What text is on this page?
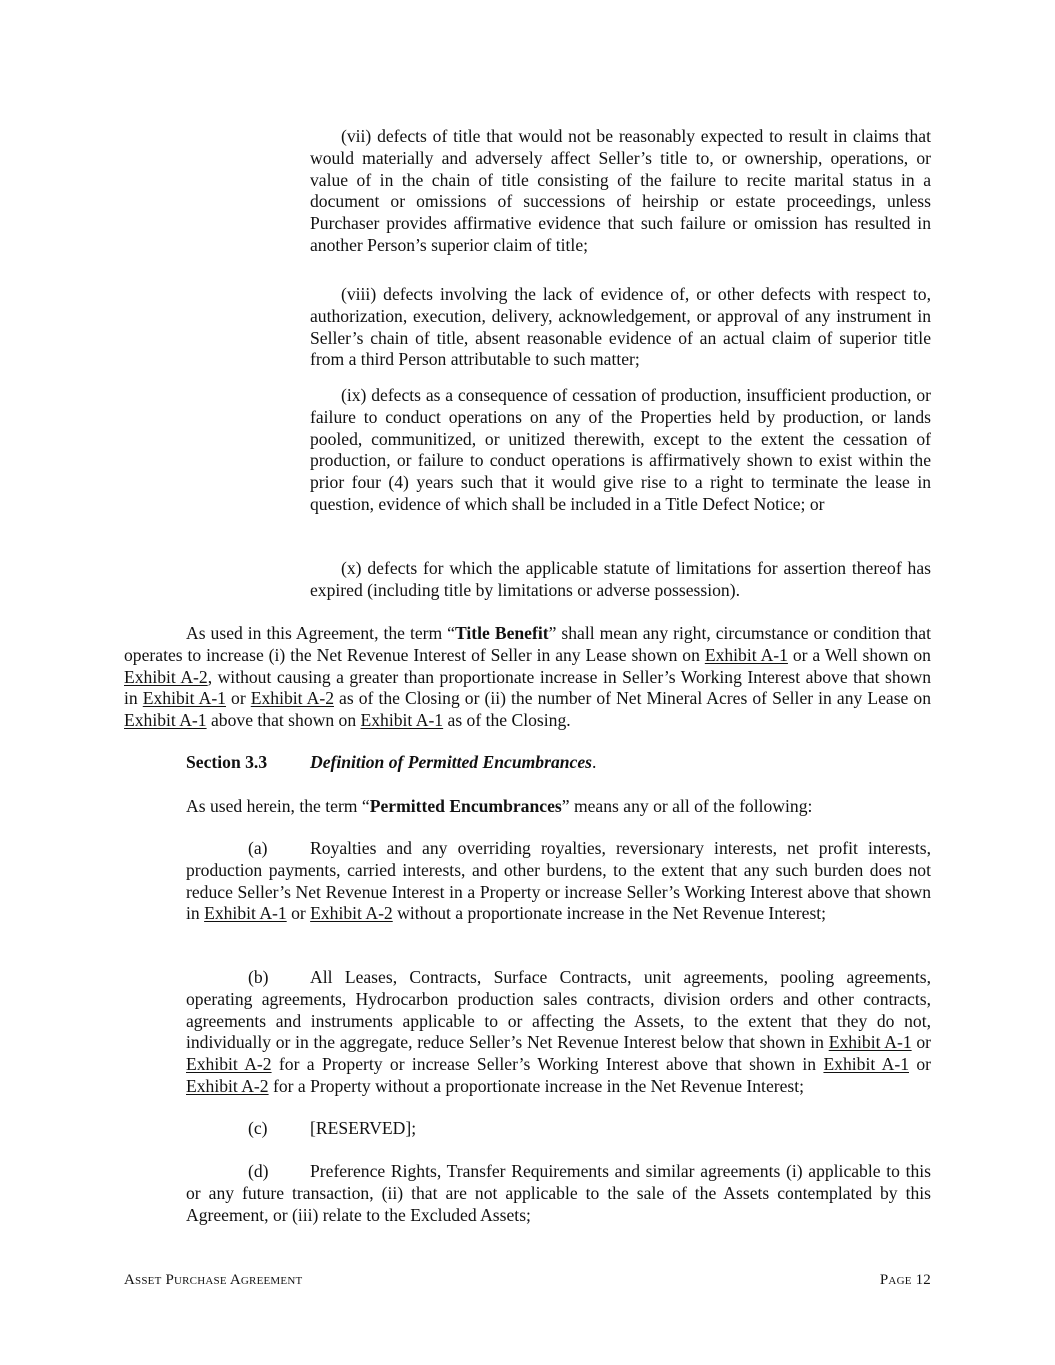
(vii) defects of title that would not be reasonably expected to result in claims that would materially and adversely affect Seller’s title to, or ownership, operations, or value of in the chain of title consisting of the failure to recite marital status in a document or omissions of successions of heirship or estate proceedings, unless Purchaser provides affirmative evidence that such failure or omission has resulted in another Person’s superior claim of title;

(viii) defects involving the lack of evidence of, or other defects with respect to, authorization, execution, delivery, acknowledgement, or approval of any instrument in Seller’s chain of title, absent reasonable evidence of an actual claim of superior title from a third Person attributable to such matter;

(ix) defects as a consequence of cessation of production, insufficient production, or failure to conduct operations on any of the Properties held by production, or lands pooled, communitized, or unitized therewith, except to the extent the cessation of production, or failure to conduct operations is affirmatively shown to exist within the prior four (4) years such that it would give rise to a right to terminate the lease in question, evidence of which shall be included in a Title Defect Notice; or

(x) defects for which the applicable statute of limitations for assertion thereof has expired (including title by limitations or adverse possession).

As used in this Agreement, the term “Title Benefit” shall mean any right, circumstance or condition that operates to increase (i) the Net Revenue Interest of Seller in any Lease shown on Exhibit A-1 or a Well shown on Exhibit A-2, without causing a greater than proportionate increase in Seller’s Working Interest above that shown in Exhibit A-1 or Exhibit A-2 as of the Closing or (ii) the number of Net Mineral Acres of Seller in any Lease on Exhibit A-1 above that shown on Exhibit A-1 as of the Closing.

Section 3.3 Definition of Permitted Encumbrances.

As used herein, the term “Permitted Encumbrances” means any or all of the following:

(a) Royalties and any overriding royalties, reversionary interests, net profit interests, production payments, carried interests, and other burdens, to the extent that any such burden does not reduce Seller’s Net Revenue Interest in a Property or increase Seller’s Working Interest above that shown in Exhibit A-1 or Exhibit A-2 without a proportionate increase in the Net Revenue Interest;

(b) All Leases, Contracts, Surface Contracts, unit agreements, pooling agreements, operating agreements, Hydrocarbon production sales contracts, division orders and other contracts, agreements and instruments applicable to or affecting the Assets, to the extent that they do not, individually or in the aggregate, reduce Seller’s Net Revenue Interest below that shown in Exhibit A-1 or Exhibit A-2 for a Property or increase Seller’s Working Interest above that shown in Exhibit A-1 or Exhibit A-2 for a Property without a proportionate increase in the Net Revenue Interest;

(c) [RESERVED];

(d) Preference Rights, Transfer Requirements and similar agreements (i) applicable to this or any future transaction, (ii) that are not applicable to the sale of the Assets contemplated by this Agreement, or (iii) relate to the Excluded Assets;

Asset Purchase Agreement	Page 12
